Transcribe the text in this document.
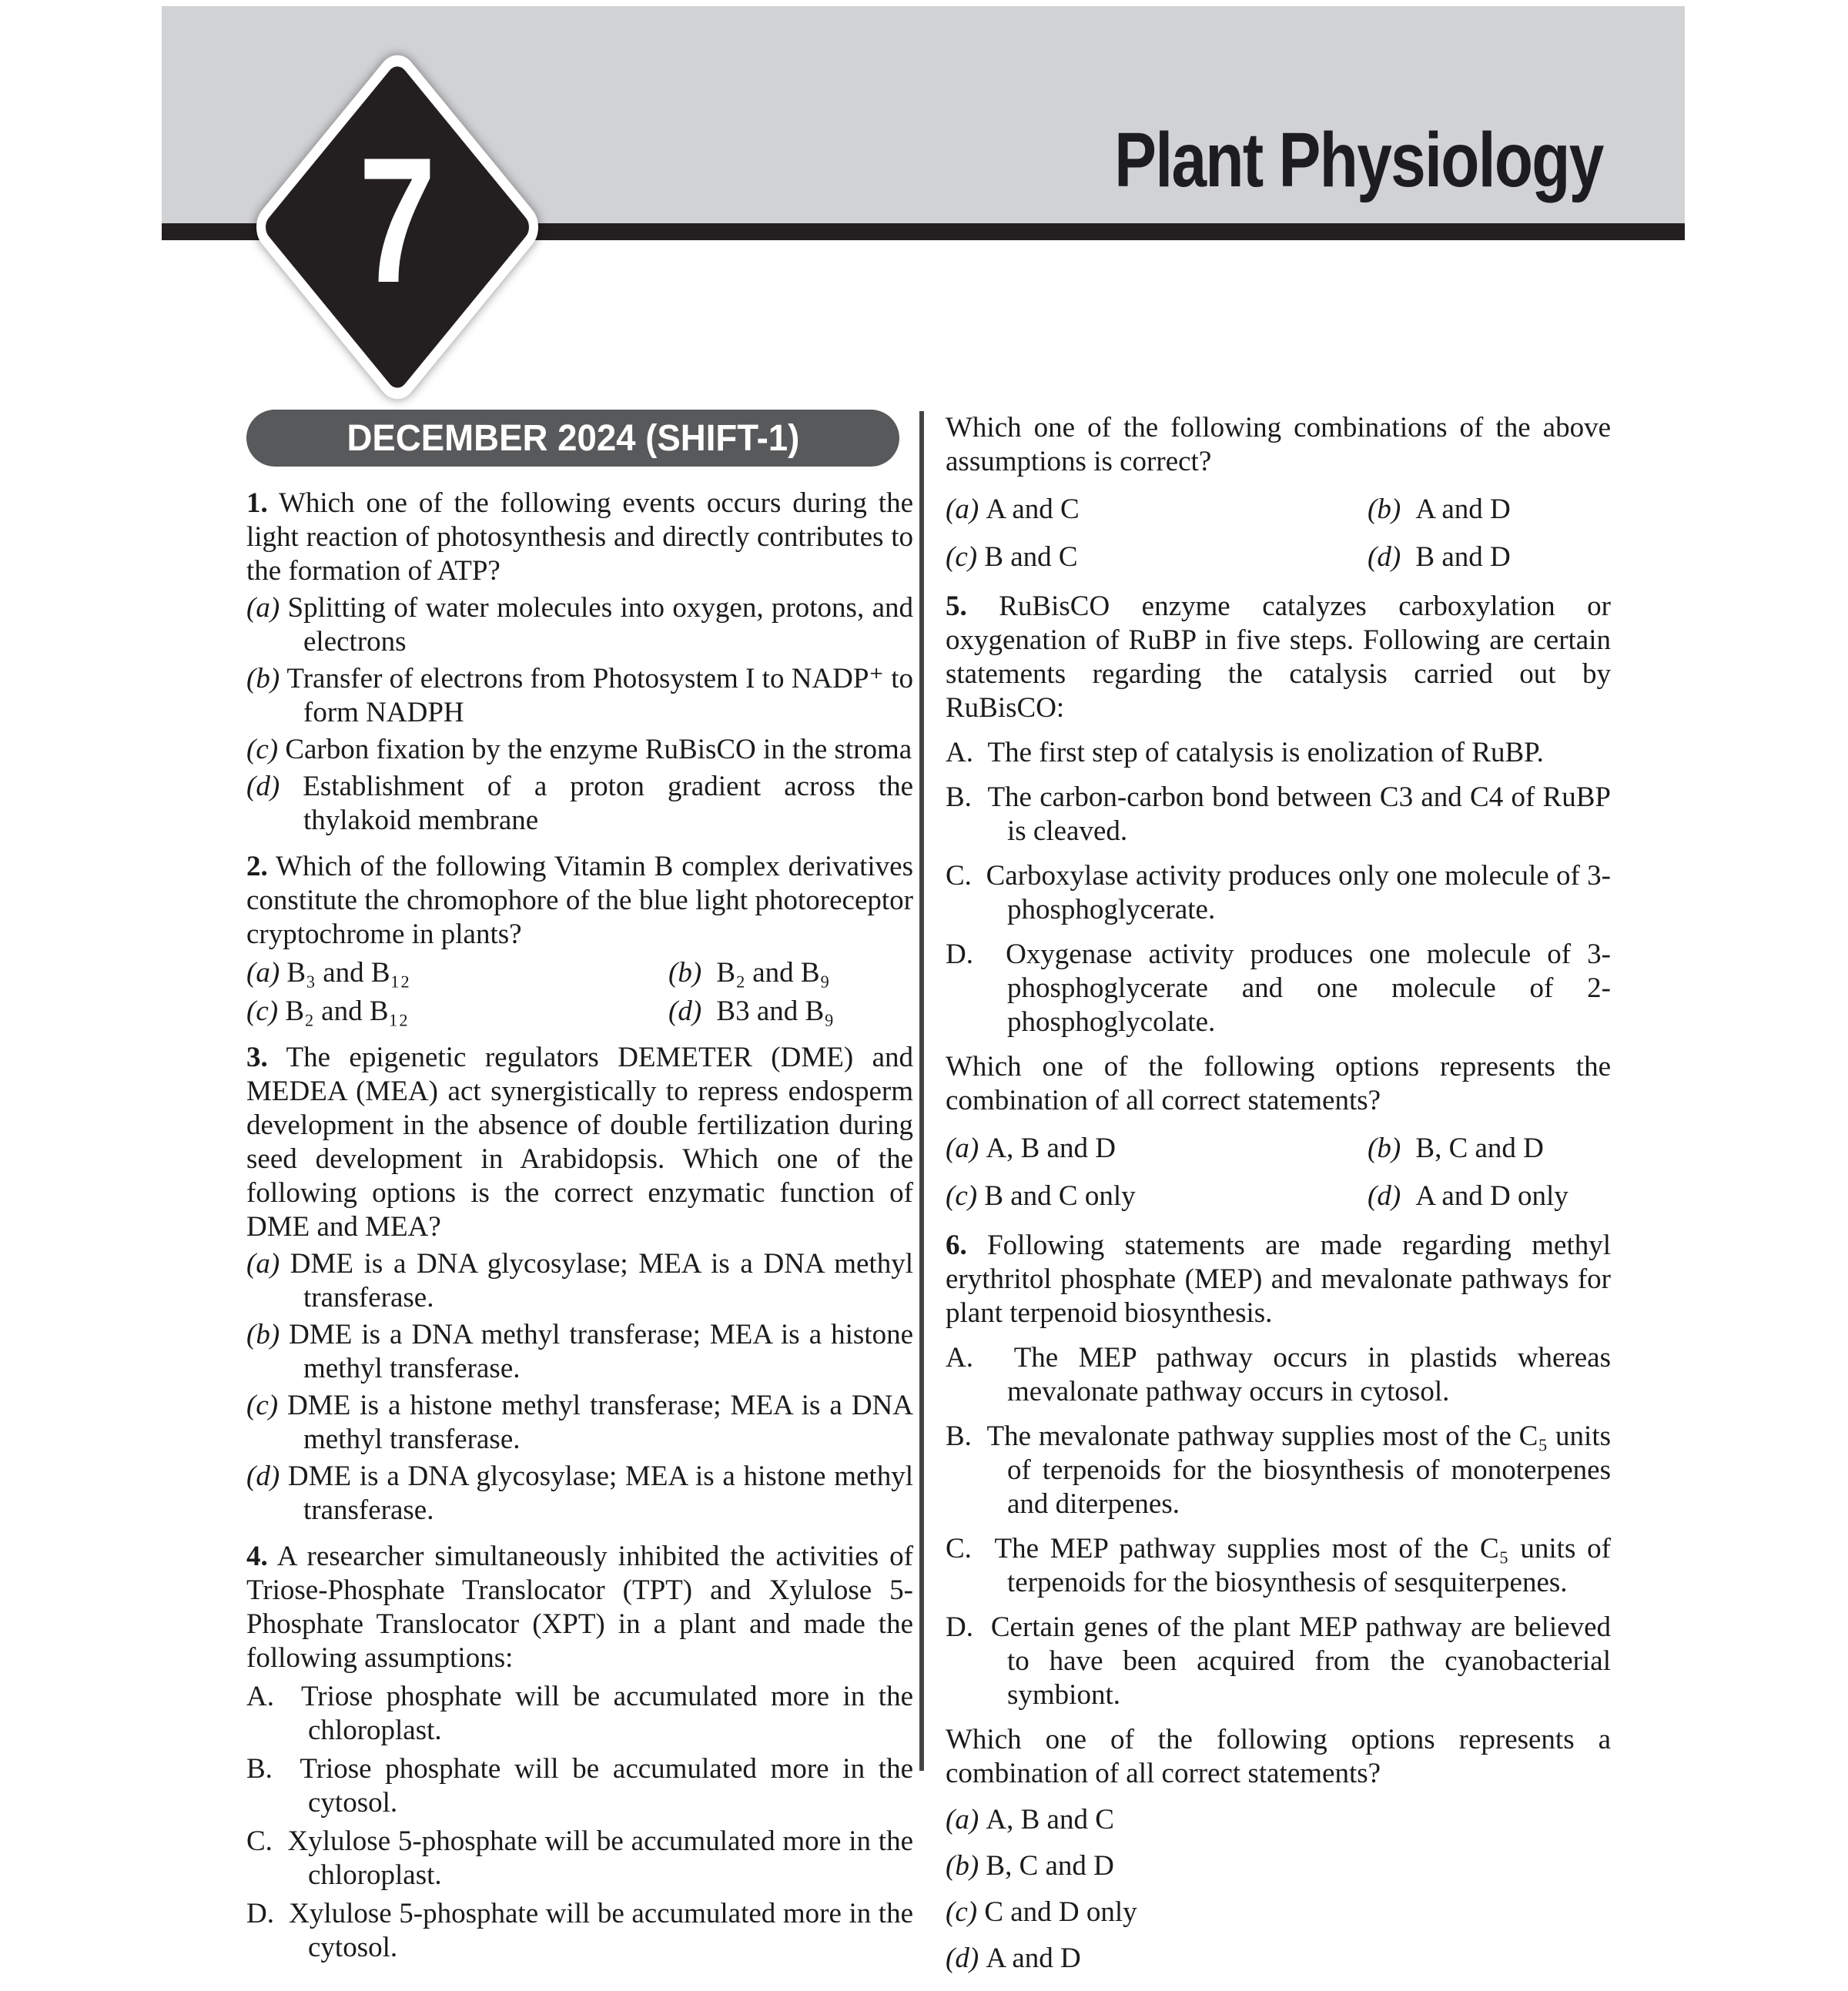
Plant Physiology
7
DECEMBER 2024 (SHIFT-1)

1. Which one of the following events occurs during the light reaction of photosynthesis and directly contributes to the formation of ATP?

(a) Splitting of water molecules into oxygen, protons, and electrons
(b) Transfer of electrons from Photosystem I to NADP⁺ to form NADPH
(c) Carbon fixation by the enzyme RuBisCO in the stroma
(d) Establishment of a proton gradient across the thylakoid membrane

2. Which of the following Vitamin B complex derivatives constitute the chromophore of the blue light photoreceptor cryptochrome in plants?

(a) B₃ and B₁₂	(b) B₂ and B₉
(c) B₂ and B₁₂	(d) B3 and B₉

3. The epigenetic regulators DEMETER (DME) and MEDEA (MEA) act synergistically to repress endosperm development in the absence of double fertilization during seed development in Arabidopsis. Which one of the following options is the correct enzymatic function of DME and MEA?

(a) DME is a DNA glycosylase; MEA is a DNA methyl transferase.
(b) DME is a DNA methyl transferase; MEA is a histone methyl transferase.
(c) DME is a histone methyl transferase; MEA is a DNA methyl transferase.
(d) DME is a DNA glycosylase; MEA is a histone methyl transferase.

4. A researcher simultaneously inhibited the activities of Triose-Phosphate Translocator (TPT) and Xylulose 5-Phosphate Translocator (XPT) in a plant and made the following assumptions:

A.  Triose phosphate will be accumulated more in the chloroplast.
B.  Triose phosphate will be accumulated more in the cytosol.
C.  Xylulose 5-phosphate will be accumulated more in the chloroplast.
D.  Xylulose 5-phosphate will be accumulated more in the cytosol.

Which one of the following combinations of the above assumptions is correct?

(a) A and C	(b) A and D
(c) B and C	(d) B and D

5. RuBisCO enzyme catalyzes carboxylation or oxygenation of RuBP in five steps. Following are certain statements regarding the catalysis carried out by RuBisCO:

A.  The first step of catalysis is enolization of RuBP.
B.  The carbon-carbon bond between C3 and C4 of RuBP is cleaved.
C.  Carboxylase activity produces only one molecule of 3-phosphoglycerate.
D.  Oxygenase activity produces one molecule of 3-phosphoglycerate and one molecule of 2-phosphoglycolate.

Which one of the following options represents the combination of all correct statements?

(a) A, B and D	(b) B, C and D
(c) B and C only	(d) A and D only

6. Following statements are made regarding methyl erythritol phosphate (MEP) and mevalonate pathways for plant terpenoid biosynthesis.

A.  The MEP pathway occurs in plastids whereas mevalonate pathway occurs in cytosol.
B.  The mevalonate pathway supplies most of the C₅ units of terpenoids for the biosynthesis of monoterpenes and diterpenes.
C.  The MEP pathway supplies most of the C₅ units of terpenoids for the biosynthesis of sesquiterpenes.
D.  Certain genes of the plant MEP pathway are believed to have been acquired from the cyanobacterial symbiont.

Which one of the following options represents a combination of all correct statements?

(a) A, B and C
(b) B, C and D
(c) C and D only
(d) A and D
